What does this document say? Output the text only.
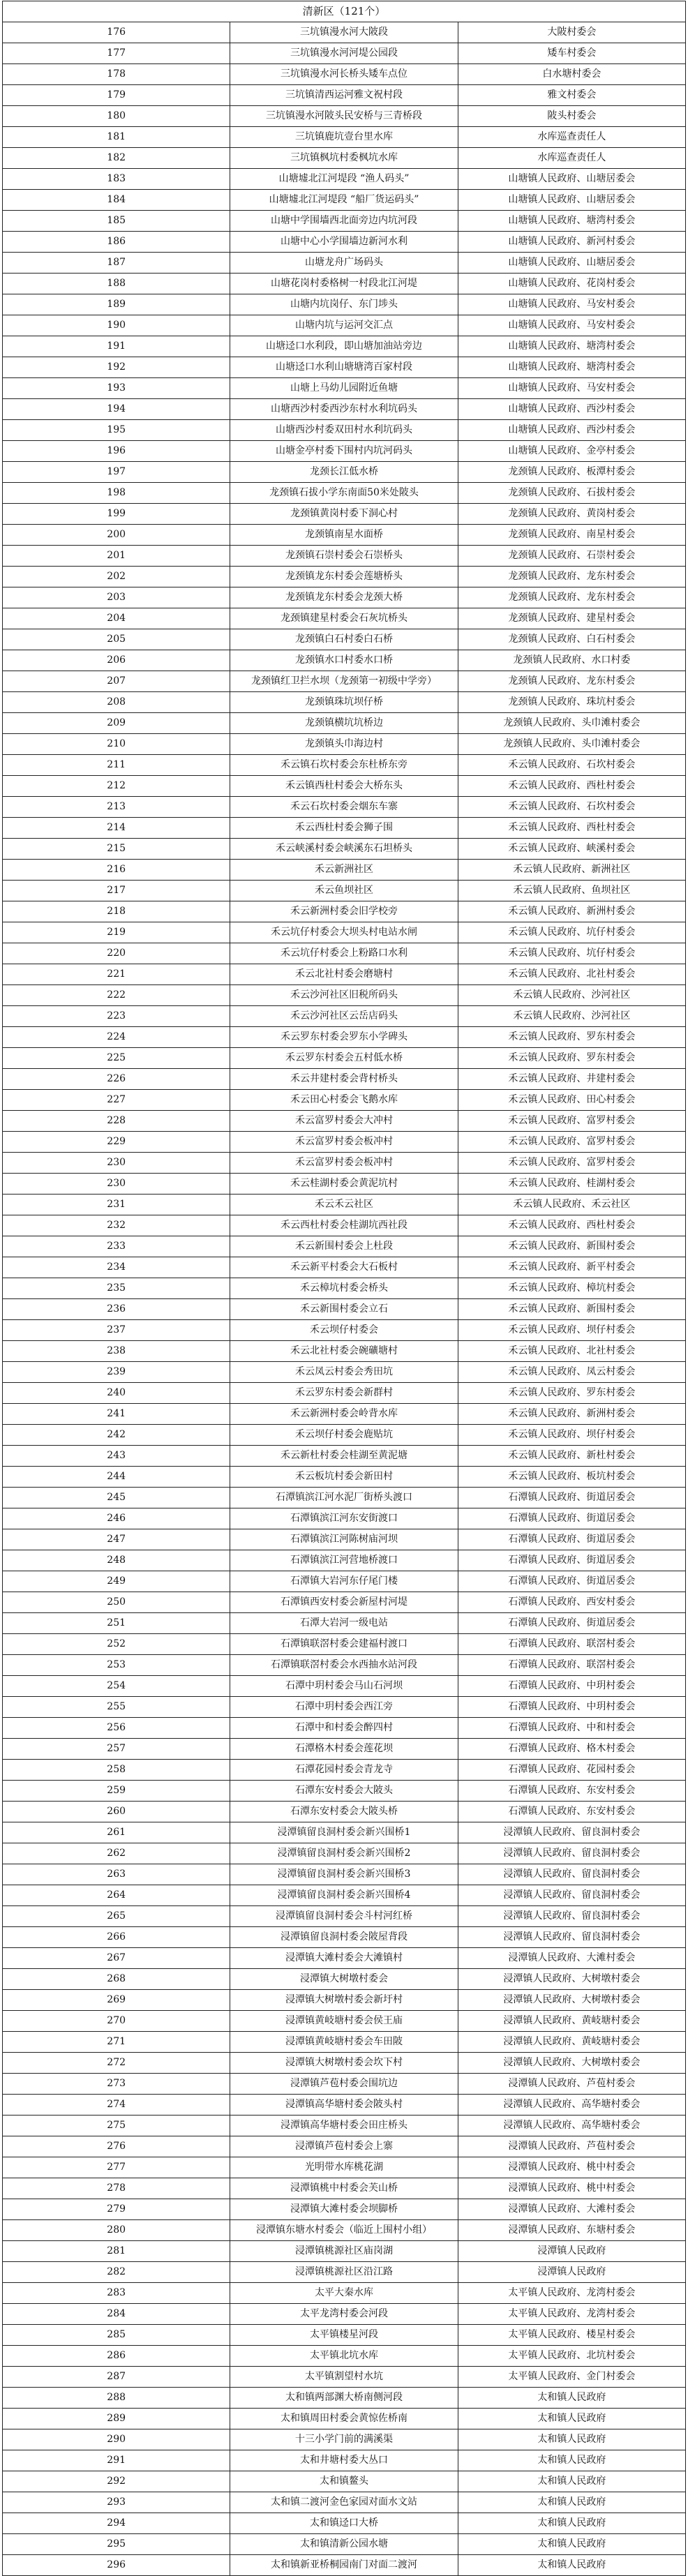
清新区（121个）		
176	三坑镇漫水河大陂段	大陂村委会
177	三坑镇漫水河河堤公园段	矮车村委会
178	三坑镇漫水河长桥头矮车点位	白水塘村委会
179	三坑镇清西运河雅文祝村段	雅文村委会
180	三坑镇漫水河陂头民安桥与三青桥段	陂头村委会
181	三坑镇鹿坑壹台里水库	水库巡查责任人
182	三坑镇枫坑村委枫坑水库	水库巡查责任人
183	山塘墟北江河堤段 “渔人码头”	山塘镇人民政府、山塘居委会
184	山塘墟北江河堤段 “船厂货运码头”	山塘镇人民政府、山塘居委会
185	山塘中学围墙西北面旁边内坑河段	山塘镇人民政府、塘湾村委会
186	山塘中心小学围墙边新河水利	山塘镇人民政府、新河村委会
187	山塘龙舟广场码头	山塘镇人民政府、山塘居委会
188	山塘花岗村委格树一村段北江河堤	山塘镇人民政府、花岗村委会
189	山塘内坑岗仔、东门埗头	山塘镇人民政府、马安村委会
190	山塘内坑与运河交汇点	山塘镇人民政府、马安村委会
191	山塘迳口水利段，即山塘加油站旁边	山塘镇人民政府、塘湾村委会
192	山塘迳口水利山塘塘湾百家村段	山塘镇人民政府、塘湾村委会
193	山塘上马幼儿园附近鱼塘	山塘镇人民政府、马安村委会
194	山塘西沙村委西沙东村水利坑码头	山塘镇人民政府、西沙村委会
195	山塘西沙村委双田村水利坑码头	山塘镇人民政府、西沙村委会
196	山塘金亭村委下围村内坑河码头	山塘镇人民政府、金亭村委会
197	龙颈长江低水桥	龙颈镇人民政府、板潭村委会
198	龙颈镇石拔小学东南面50米处陂头	龙颈镇人民政府、石拔村委会
199	龙颈镇黄岗村委下洞心村	龙颈镇人民政府、黄岗村委会
200	龙颈镇南星水面桥	龙颈镇人民政府、南星村委会
201	龙颈镇石崇村委会石崇桥头	龙颈镇人民政府、石崇村委会
202	龙颈镇龙东村委会莲塘桥头	龙颈镇人民政府、龙东村委会
203	龙颈镇龙东村委会龙颈大桥	龙颈镇人民政府、龙东村委会
204	龙颈镇建星村委会石灰坑桥头	龙颈镇人民政府、建星村委会
205	龙颈镇白石村委白石桥	龙颈镇人民政府、白石村委会
206	龙颈镇水口村委水口桥	龙颈镇人民政府、水口村委
207	龙颈镇红卫拦水坝（龙颈第一初级中学旁）	龙颈镇人民政府、龙东村委会
208	龙颈镇珠坑坝仔桥	龙颈镇人民政府、珠坑村委会
209	龙颈镇横坑坑桥边	龙颈镇人民政府、头巾滩村委会
210	龙颈镇头巾海边村	龙颈镇人民政府、头巾滩村委会
211	禾云镇石坎村委会东杜桥东旁	禾云镇人民政府、石坎村委会
212	禾云镇西杜村委会大桥东头	禾云镇人民政府、西杜村委会
213	禾云石坎村委会烟东车寨	禾云镇人民政府、石坎村委会
214	禾云西杜村委会狮子围	禾云镇人民政府、西杜村委会
215	禾云峡溪村委会峡溪东石坦桥头	禾云镇人民政府、峡溪村委会
216	禾云新洲社区	禾云镇人民政府、新洲社区
217	禾云鱼坝社区	禾云镇人民政府、鱼坝社区
218	禾云新洲村委会旧学校旁	禾云镇人民政府、新洲村委会
219	禾云坑仔村委会大坝头村电站水闸	禾云镇人民政府、坑仔村委会
220	禾云坑仔村委会上粉路口水利	禾云镇人民政府、坑仔村委会
221	禾云北社村委会磨塘村	禾云镇人民政府、北社村委会
222	禾云沙河社区旧税所码头	禾云镇人民政府、沙河社区
223	禾云沙河社区云岳店码头	禾云镇人民政府、沙河社区
224	禾云罗东村委会罗东小学碑头	禾云镇人民政府、罗东村委会
225	禾云罗东村委会五村低水桥	禾云镇人民政府、罗东村委会
226	禾云井建村委会背村桥头	禾云镇人民政府、井建村委会
227	禾云田心村委会飞鹅水库	禾云镇人民政府、田心村委会
228	禾云富罗村委会大冲村	禾云镇人民政府、富罗村委会
229	禾云富罗村委会板冲村	禾云镇人民政府、富罗村委会
230	禾云富罗村委会板冲村	禾云镇人民政府、富罗村委会
230	禾云桂湖村委会黄泥坑村	禾云镇人民政府、桂湖村委会
231	禾云禾云社区	禾云镇人民政府、禾云社区
232	禾云西杜村委会桂湖坑西社段	禾云镇人民政府、西杜村委会
233	禾云新围村委会上杜段	禾云镇人民政府、新围村委会
234	禾云新平村委会大石板村	禾云镇人民政府、新平村委会
235	禾云樟坑村委会桥头	禾云镇人民政府、樟坑村委会
236	禾云新围村委会立石	禾云镇人民政府、新围村委会
237	禾云坝仔村委会	禾云镇人民政府、坝仔村委会
238	禾云北社村委会碗礦塘村	禾云镇人民政府、北社村委会
239	禾云凤云村委会秀田坑	禾云镇人民政府、凤云村委会
240	禾云罗东村委会新群村	禾云镇人民政府、罗东村委会
241	禾云新洲村委会岭背水库	禾云镇人民政府、新洲村委会
242	禾云坝仔村委会鹿贴坑	禾云镇人民政府、坝仔村委会
243	禾云新杜村委会桂湖至黄泥塘	禾云镇人民政府、新杜村委会
244	禾云板坑村委会新田村	禾云镇人民政府、板坑村委会
245	石潭镇滨江河水泥厂街桥头渡口	石潭镇人民政府、街道居委会
246	石潭镇滨江河东安街渡口	石潭镇人民政府、街道居委会
247	石潭镇滨江河陈树庙河坝	石潭镇人民政府、街道居委会
248	石潭镇滨江河营地桥渡口	石潭镇人民政府、街道居委会
249	石潭镇大岩河东仔尾门楼	石潭镇人民政府、街道居委会
250	石潭镇西安村委会新屋村河堤	石潭镇人民政府、西安村委会
251	石潭大岩河一级电站	石潭镇人民政府、街道居委会
252	石潭镇联滘村委会建福村渡口	石潭镇人民政府、联滘村委会
253	石潭镇联滘村委会水西抽水站河段	石潭镇人民政府、联滘村委会
254	石潭中玥村委会马山石河坝	石潭镇人民政府、中玥村委会
255	石潭中玥村委会西江旁	石潭镇人民政府、中玥村委会
256	石潭中和村委会醉四村	石潭镇人民政府、中和村委会
257	石潭格木村委会莲花坝	石潭镇人民政府、格木村委会
258	石潭花园村委会青龙寺	石潭镇人民政府、花园村委会
259	石潭东安村委会大陂头	石潭镇人民政府、东安村委会
260	石潭东安村委会大陂头桥	石潭镇人民政府、东安村委会
261	浸潭镇留良洞村委会新兴围桥1	浸潭镇人民政府、留良洞村委会
262	浸潭镇留良洞村委会新兴围桥2	浸潭镇人民政府、留良洞村委会
263	浸潭镇留良洞村委会新兴围桥3	浸潭镇人民政府、留良洞村委会
264	浸潭镇留良洞村委会新兴围桥4	浸潭镇人民政府、留良洞村委会
265	浸潭镇留良洞村委会斗村河红桥	浸潭镇人民政府、留良洞村委会
266	浸潭镇留良洞村委会陂屋背段	浸潭镇人民政府、留良洞村委会
267	浸潭镇大滩村委会大滩镇村	浸潭镇人民政府、大滩村委会
268	浸潭镇大树墩村委会	浸潭镇人民政府、大树墩村委会
269	浸潭镇大树墩村委会新圩村	浸潭镇人民政府、大树墩村委会
270	浸潭镇黄岐塘村委会侯王庙	浸潭镇人民政府、黄岐塘村委会
271	浸潭镇黄岐塘村委会车田陂	浸潭镇人民政府、黄岐塘村委会
272	浸潭镇大树墩村委会坎下村	浸潭镇人民政府、大树墩村委会
273	浸潭镇芦苞村委会围坑边	浸潭镇人民政府、芦苞村委会
274	浸潭镇高华塘村委会陂头村	浸潭镇人民政府、高华塘村委会
275	浸潭镇高华塘村委会田庄桥头	浸潭镇人民政府、高华塘村委会
276	浸潭镇芦苞村委会上寨	浸潭镇人民政府、芦苞村委会
277	光明带水库桃花湖	浸潭镇人民政府、桃中村委会
278	浸潭镇桃中村委会芙山桥	浸潭镇人民政府、桃中村委会
279	浸潭镇大滩村委会坝脚桥	浸潭镇人民政府、大滩村委会
280	浸潭镇东塘水村委会（临近上围村小组）	浸潭镇人民政府、东塘村委会
281	浸潭镇桃源社区庙岗湖	浸潭镇人民政府
282	浸潭镇桃源社区沿江路	浸潭镇人民政府
283	太平大秦水库	太平镇人民政府、龙湾村委会
284	太平龙湾村委会河段	太平镇人民政府、龙湾村委会
285	太平镇楼星河段	太平镇人民政府、楼星村委会
286	太平镇北坑水库	太平镇人民政府、北坑村委会
287	太平镇割望村水坑	太平镇人民政府、金门村委会
288	太和镇两部渊大桥南侧河段	太和镇人民政府
289	太和镇周田村委会黄惊佐桥南	太和镇人民政府
290	十三小学门前的满溪渠	太和镇人民政府
291	太和井塘村委大丛口	太和镇人民政府
292	太和镇鳌头	太和镇人民政府
293	太和镇二渡河金色家园对面水文站	太和镇人民政府
294	太和镇迳口大桥	太和镇人民政府
295	太和镇清新公园水塘	太和镇人民政府
296	太和镇新亚桥桐园南门对面二渡河	太和镇人民政府
